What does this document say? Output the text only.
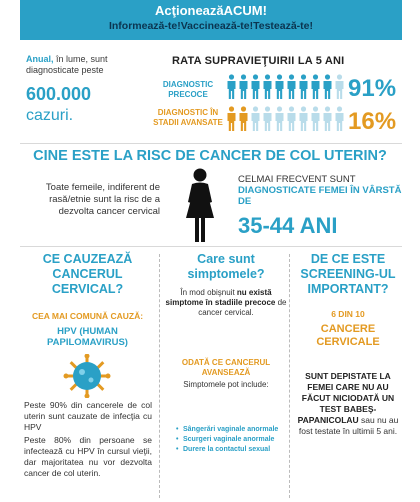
AcţioneazăACUM!
Informează-te!Vaccinează-te!Testează-te!
Anual, în lume, sunt diagnosticate peste
600.000
cazuri.
RATA SUPRAVIEŢUIRII LA 5 ANI
DIAGNOSTIC PRECOCE	91%
DIAGNOSTIC ÎN STADII AVANSATE	16%
CINE ESTE LA RISC DE CANCER DE COL UTERIN?
Toate femeile, indiferent de rasă/etnie sunt la risc de a dezvolta cancer cervical
CELMAI FRECVENT SUNT
DIAGNOSTICATE FEMEI ÎN VÂRSTĂ DE
35-44 ANI
CE CAUZEAZĂ CANCERUL CERVICAL?
CEA MAI COMUNĂ CAUZĂ:
HPV (HUMAN PAPILOMAVIRUS)
Peste 90% din cancerele de col uterin sunt cauzate de infecţia cu HPV
Peste 80% din persoane se infectează cu HPV în cursul vieţii, dar majoritatea nu vor dezvolta cancer de col uterin.
Care sunt simptomele?
În mod obişnuit nu există simptome în stadiile precoce de cancer cervical.
ODATĂ CE CANCERUL AVANSEAZĂ
Simptomele pot include:
• Sângerări vaginale anormale
• Scurgeri vaginale anormale
• Durere la contactul sexual
DE CE ESTE SCREENING-UL IMPORTANT?
6 DIN 10
CANCERE CERVICALE
SUNT DEPISTATE LA FEMEI CARE NU AU FĂCUT NICIODATĂ UN TEST BABEŞ-PAPANICOLAU sau nu au fost testate în ultimii 5 ani.
